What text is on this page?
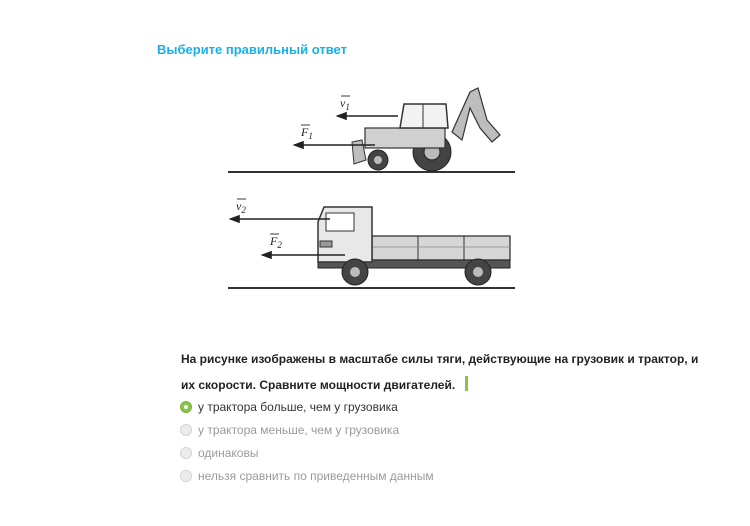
Выберите правильный ответ
$v_1$
$F_1$
$v_2$
$F_2$
На рисунке изображены в масштабе силы тяги, действующие на грузовик и трактор, и
их скорости. Сравните мощности двигателей.
у трактора больше, чем у грузовика
у трактора меньше, чем у грузовика
одинаковы
нельзя сравнить по приведенным данным
